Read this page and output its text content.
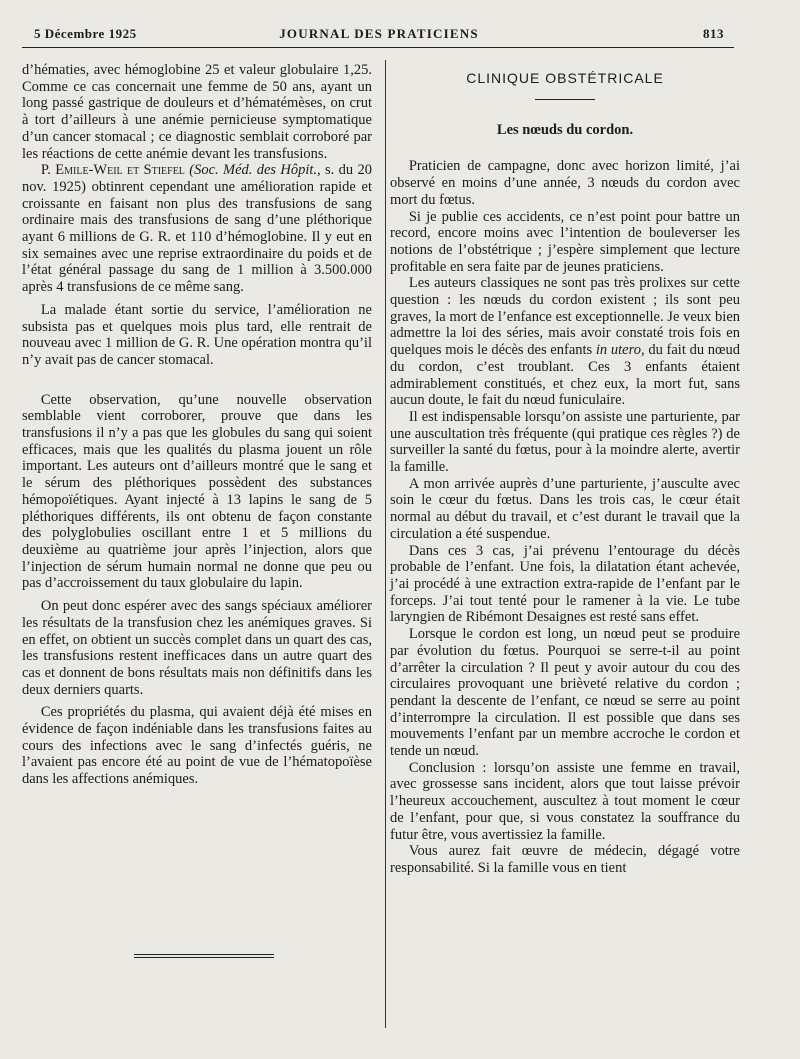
5 Décembre 1925	JOURNAL DES PRATICIENS	813

d’hématies, avec hémoglobine 25 et valeur globulaire 1,25. Comme ce cas concernait une femme de 50 ans, ayant un long passé gastrique de douleurs et d’hématémèses, on crut à tort d’ailleurs à une anémie pernicieuse symptomatique d’un cancer stomacal ; ce diagnostic semblait corroboré par les réactions de cette anémie devant les transfusions.

P. Emile-Weil et Stiefel (Soc. Méd. des Hôpit., s. du 20 nov. 1925) obtinrent cependant une amélioration rapide et croissante en faisant non plus des transfusions de sang ordinaire mais des transfusions de sang d’une pléthorique ayant 6 millions de G. R. et 110 d’hémoglobine. Il y eut en six semaines avec une reprise extraordinaire du poids et de l’état général passage du sang de 1 million à 3.500.000 après 4 transfusions de ce même sang.

La malade étant sortie du service, l’amélioration ne subsista pas et quelques mois plus tard, elle rentrait de nouveau avec 1 million de G. R. Une opération montra qu’il n’y avait pas de cancer stomacal.

Cette observation, qu’une nouvelle observation semblable vient corroborer, prouve que dans les transfusions il n’y a pas que les globules du sang qui soient efficaces, mais que les qualités du plasma jouent un rôle important. Les auteurs ont d’ailleurs montré que le sang et le sérum des pléthoriques possèdent des substances hémopoïétiques. Ayant injecté à 13 lapins le sang de 5 pléthoriques différents, ils ont obtenu de façon constante des polyglobulies oscillant entre 1 et 5 millions du deuxième au quatrième jour après l’injection, alors que l’injection de sérum humain normal ne donne que peu ou pas d’accroissement du taux globulaire du lapin.

On peut donc espérer avec des sangs spéciaux améliorer les résultats de la transfusion chez les anémiques graves. Si en effet, on obtient un succès complet dans un quart des cas, les transfusions restent inefficaces dans un autre quart des cas et donnent de bons résultats mais non définitifs dans les deux derniers quarts.

Ces propriétés du plasma, qui avaient déjà été mises en évidence de façon indéniable dans les transfusions faites au cours des infections avec le sang d’infectés guéris, ne l’avaient pas encore été au point de vue de l’hématopoïèse dans les affections anémiques.

CLINIQUE OBSTÉTRICALE
Les nœuds du cordon.

Praticien de campagne, donc avec horizon limité, j’ai observé en moins d’une année, 3 nœuds du cordon avec mort du fœtus.

Si je publie ces accidents, ce n’est point pour battre un record, encore moins avec l’intention de bouleverser les notions de l’obstétrique ; j’espère simplement que lecture profitable en sera faite par de jeunes praticiens.

Les auteurs classiques ne sont pas très prolixes sur cette question : les nœuds du cordon existent ; ils sont peu graves, la mort de l’enfance est exceptionnelle. Je veux bien admettre la loi des séries, mais avoir constaté trois fois en quelques mois le décès des enfants in utero, du fait du nœud du cordon, c’est troublant. Ces 3 enfants étaient admirablement constitués, et chez eux, la mort fut, sans aucun doute, le fait du nœud funiculaire.

Il est indispensable lorsqu’on assiste une parturiente, par une auscultation très fréquente (qui pratique ces règles ?) de surveiller la santé du fœtus, pour à la moindre alerte, avertir la famille.

A mon arrivée auprès d’une parturiente, j’ausculte avec soin le cœur du fœtus. Dans les trois cas, le cœur était normal au début du travail, et c’est durant le travail que la circulation a été suspendue.

Dans ces 3 cas, j’ai prévenu l’entourage du décès probable de l’enfant. Une fois, la dilatation étant achevée, j’ai procédé à une extraction extra-rapide de l’enfant par le forceps. J’ai tout tenté pour le ramener à la vie. Le tube laryngien de Ribémont Desaignes est resté sans effet.

Lorsque le cordon est long, un nœud peut se produire par évolution du fœtus. Pourquoi se serre-t-il au point d’arrêter la circulation ? Il peut y avoir autour du cou des circulaires provoquant une brièveté relative du cordon ; pendant la descente de l’enfant, ce nœud se serre au point d’interrompre la circulation. Il est possible que dans ses mouvements l’enfant par un membre accroche le cordon et tende un nœud.

Conclusion : lorsqu’on assiste une femme en travail, avec grossesse sans incident, alors que tout laisse prévoir l’heureux accouchement, auscultez à tout moment le cœur de l’enfant, pour que, si vous constatez la souffrance du futur être, vous avertissiez la famille.

Vous aurez fait œuvre de médecin, dégagé votre responsabilité. Si la famille vous en tient
